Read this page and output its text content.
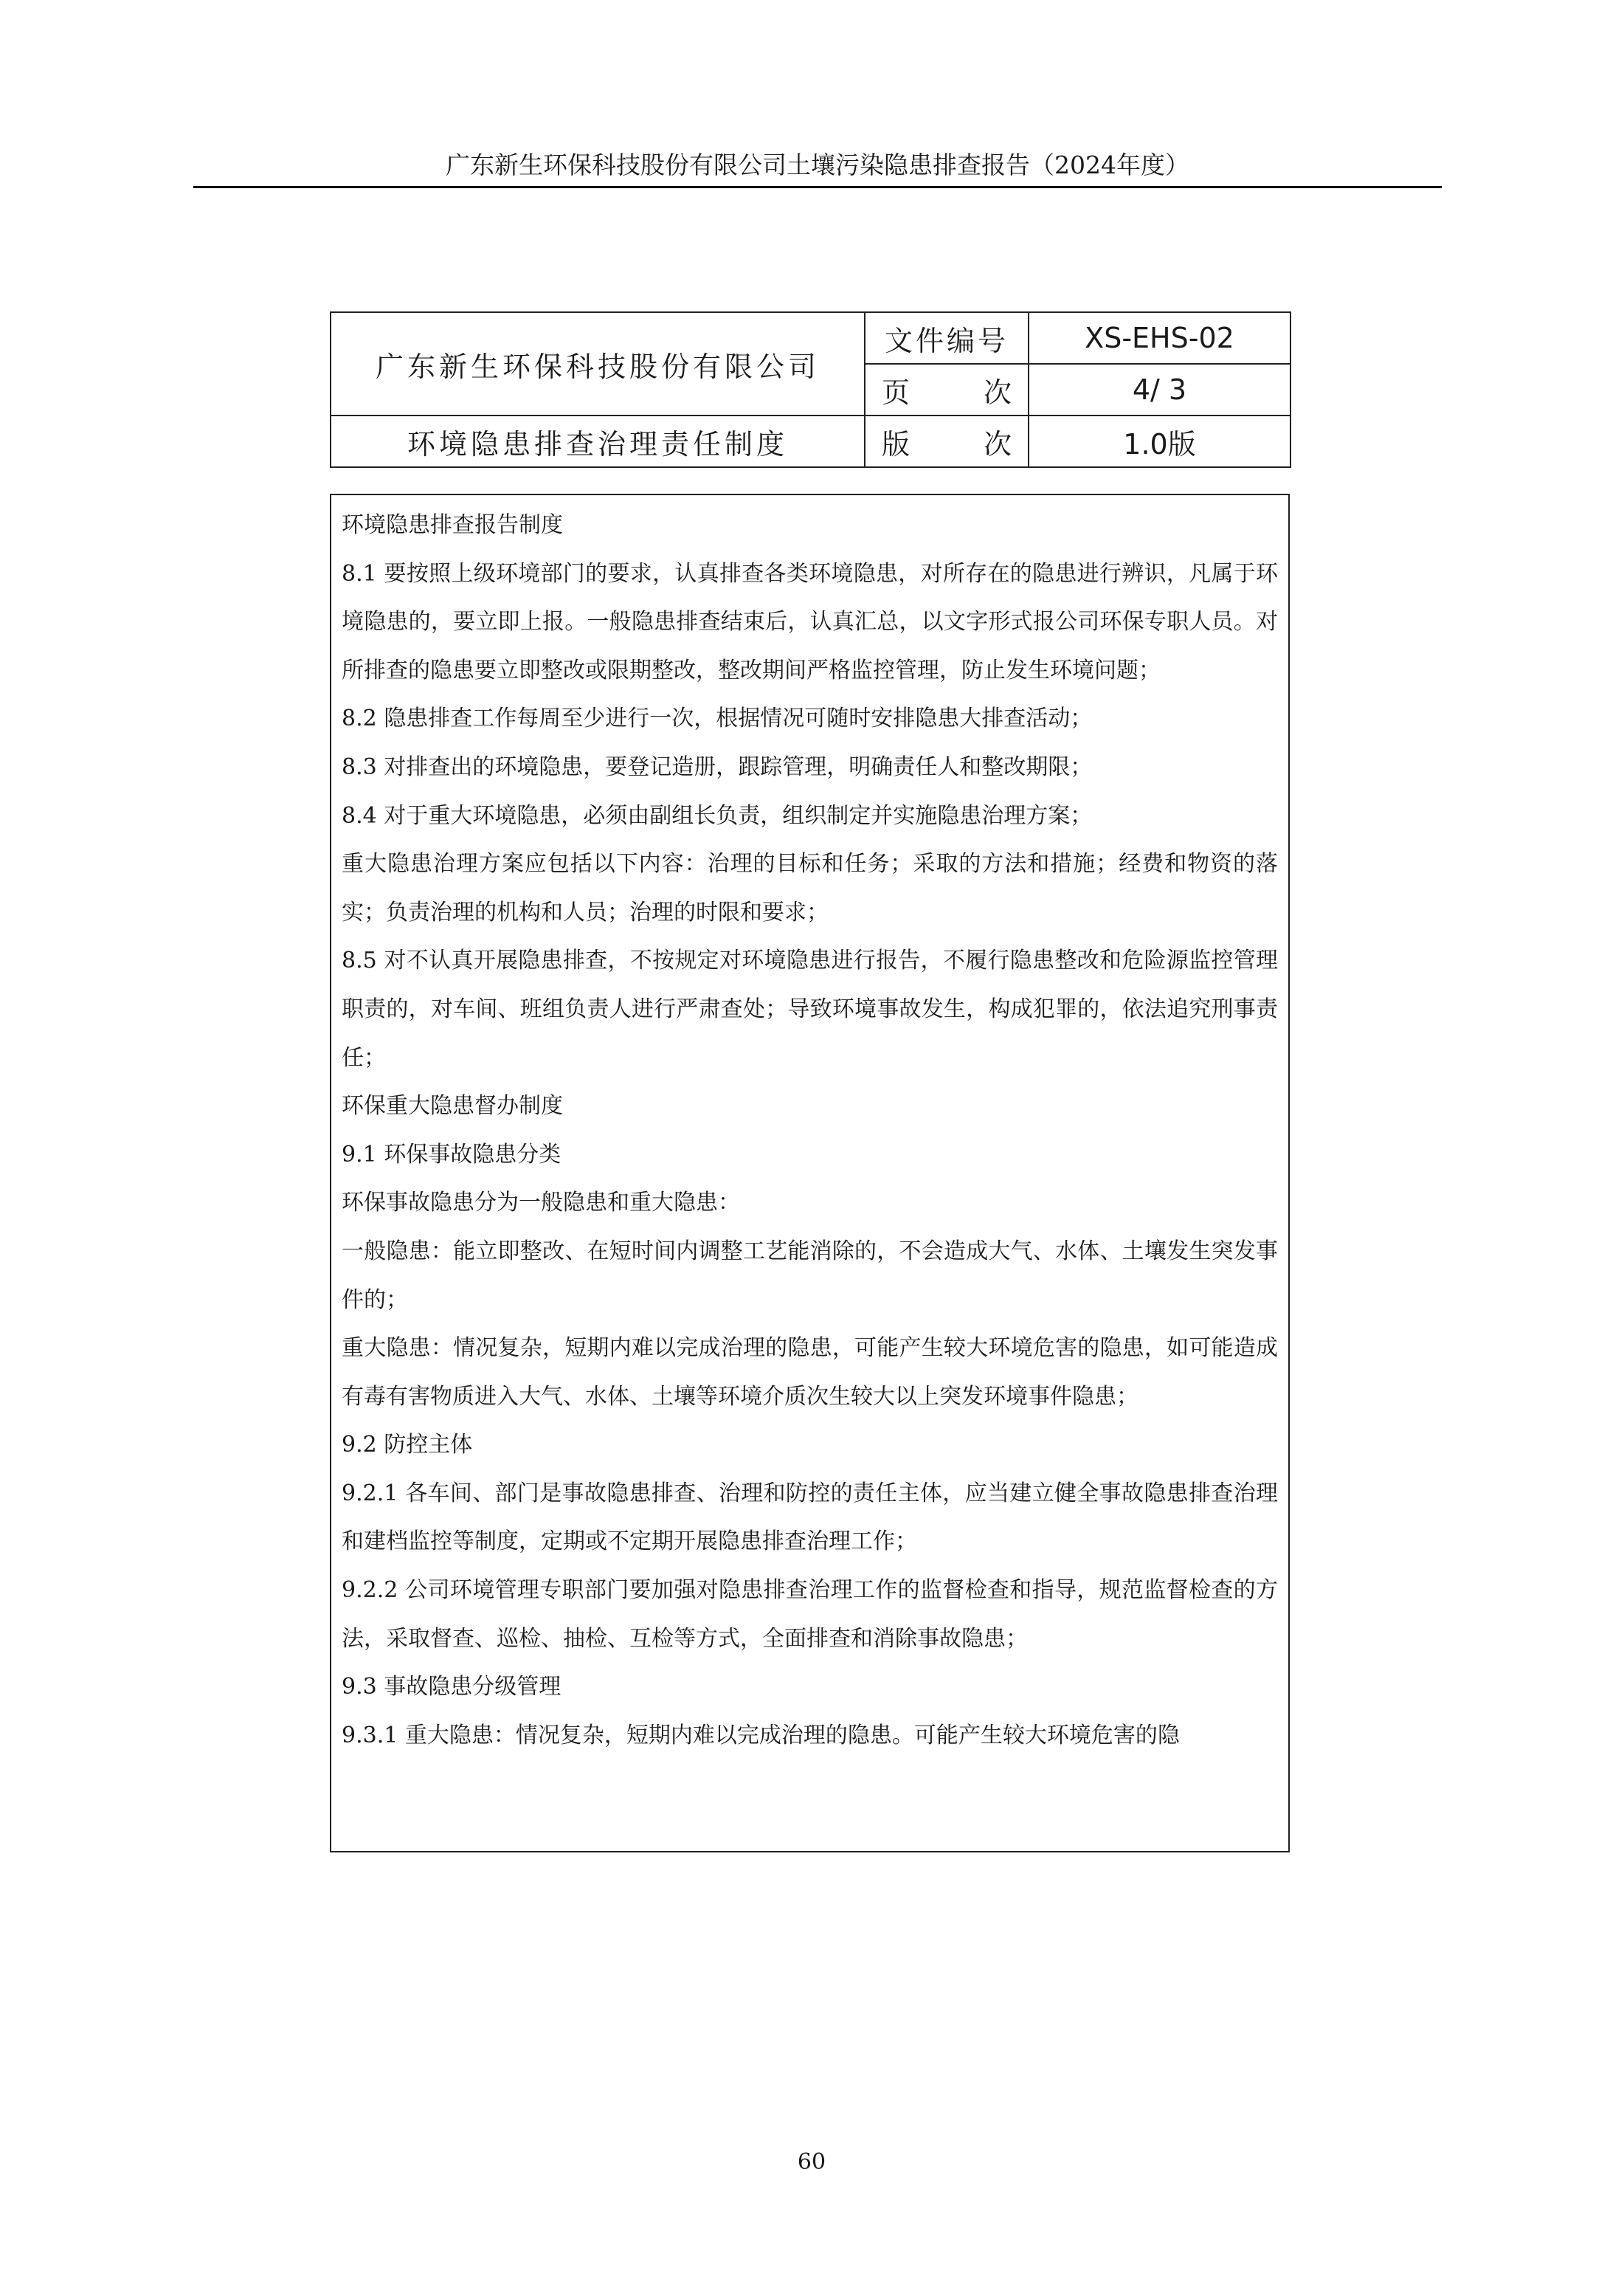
广东新生环保科技股份有限公司土壤污染隐患排查报告（2024年度）
广东新生环保科技股份有限公司	文件编号	XS-EHS-02

	页 次	4/ 3
环境隐患排查治理责任制度	版 次	1.0版

环境隐患排查报告制度

8.1 要按照上级环境部门的要求，认真排查各类环境隐患，对所存在的隐患进行辨识，凡属于环境隐患的，要立即上报。一般隐患排查结束后，认真汇总，以文字形式报公司环保专职人员。对所排查的隐患要立即整改或限期整改，整改期间严格监控管理，防止发生环境问题；

8.2 隐患排查工作每周至少进行一次，根据情况可随时安排隐患大排查活动；

8.3 对排查出的环境隐患，要登记造册，跟踪管理，明确责任人和整改期限；

8.4 对于重大环境隐患，必须由副组长负责，组织制定并实施隐患治理方案；

重大隐患治理方案应包括以下内容：治理的目标和任务；采取的方法和措施；经费和物资的落实；负责治理的机构和人员；治理的时限和要求；

8.5 对不认真开展隐患排查，不按规定对环境隐患进行报告，不履行隐患整改和危险源监控管理职责的，对车间、班组负责人进行严肃查处；导致环境事故发生，构成犯罪的，依法追究刑事责任；

环保重大隐患督办制度

9.1 环保事故隐患分类

环保事故隐患分为一般隐患和重大隐患：

一般隐患：能立即整改、在短时间内调整工艺能消除的，不会造成大气、水体、土壤发生突发事件的；

重大隐患：情况复杂，短期内难以完成治理的隐患，可能产生较大环境危害的隐患，如可能造成有毒有害物质进入大气、水体、土壤等环境介质次生较大以上突发环境事件隐患；

9.2 防控主体

9.2.1 各车间、部门是事故隐患排查、治理和防控的责任主体，应当建立健全事故隐患排查治理和建档监控等制度，定期或不定期开展隐患排查治理工作；

9.2.2 公司环境管理专职部门要加强对隐患排查治理工作的监督检查和指导，规范监督检查的方法，采取督查、巡检、抽检、互检等方式，全面排查和消除事故隐患；

9.3 事故隐患分级管理

9.3.1 重大隐患：情况复杂，短期内难以完成治理的隐患。可能产生较大环境危害的隐

60
